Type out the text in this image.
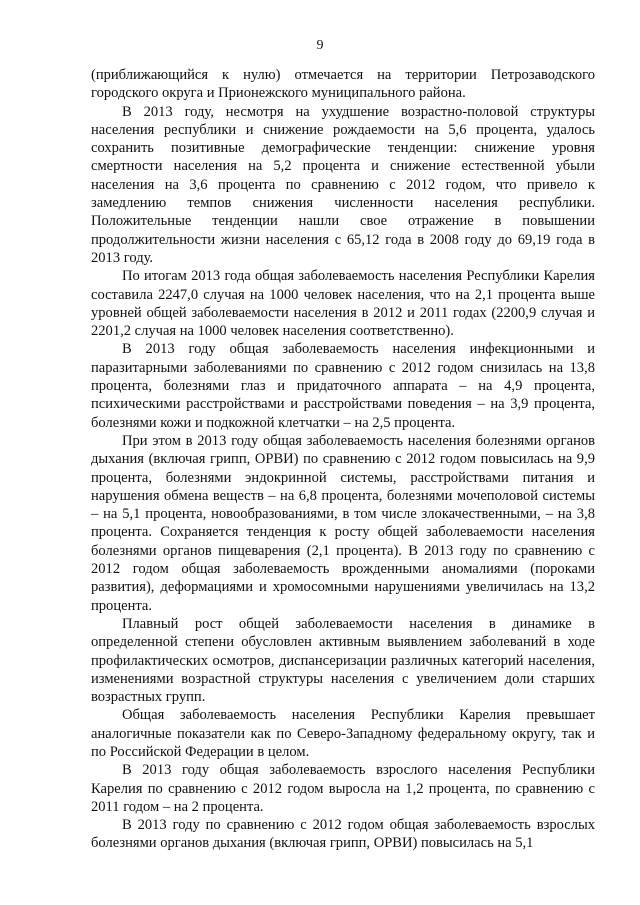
9

(приближающийся к нулю) отмечается на территории Петрозаводского городского округа и Прионежского муниципального района.

В 2013 году, несмотря на ухудшение возрастно-половой структуры населения республики и снижение рождаемости на 5,6 процента, удалось сохранить позитивные демографические тенденции: снижение уровня смертности населения на 5,2 процента и снижение естественной убыли населения на 3,6 процента по сравнению с 2012 годом, что привело к замедлению темпов снижения численности населения республики. Положительные тенденции нашли свое отражение в повышении продолжительности жизни населения с 65,12 года в 2008 году до 69,19 года в 2013 году.

По итогам 2013 года общая заболеваемость населения Республики Карелия составила 2247,0 случая на 1000 человек населения, что на 2,1 процента выше уровней общей заболеваемости населения в 2012 и 2011 годах (2200,9 случая и 2201,2 случая на 1000 человек населения соответственно).

В 2013 году общая заболеваемость населения инфекционными и паразитарными заболеваниями по сравнению с 2012 годом снизилась на 13,8 процента, болезнями глаз и придаточного аппарата – на 4,9 процента, психическими расстройствами и расстройствами поведения – на 3,9 процента, болезнями кожи и подкожной клетчатки – на 2,5 процента.

При этом в 2013 году общая заболеваемость населения болезнями органов дыхания (включая грипп, ОРВИ) по сравнению с 2012 годом повысилась на 9,9 процента, болезнями эндокринной системы, расстройствами питания и нарушения обмена веществ – на 6,8 процента, болезнями мочеполовой системы – на 5,1 процента, новообразованиями, в том числе злокачественными, – на 3,8 процента. Сохраняется тенденция к росту общей заболеваемости населения болезнями органов пищеварения (2,1 процента). В 2013 году по сравнению с 2012 годом общая заболеваемость врожденными аномалиями (пороками развития), деформациями и хромосомными нарушениями увеличилась на 13,2 процента.

Плавный рост общей заболеваемости населения в динамике в определенной степени обусловлен активным выявлением заболеваний в ходе профилактических осмотров, диспансеризации различных категорий населения, изменениями возрастной структуры населения с увеличением доли старших возрастных групп.

Общая заболеваемость населения Республики Карелия превышает аналогичные показатели как по Северо-Западному федеральному округу, так и по Российской Федерации в целом.

В 2013 году общая заболеваемость взрослого населения Республики Карелия по сравнению с 2012 годом выросла на 1,2 процента, по сравнению с 2011 годом – на 2 процента.

В 2013 году по сравнению с 2012 годом общая заболеваемость взрослых болезнями органов дыхания (включая грипп, ОРВИ) повысилась на 5,1
